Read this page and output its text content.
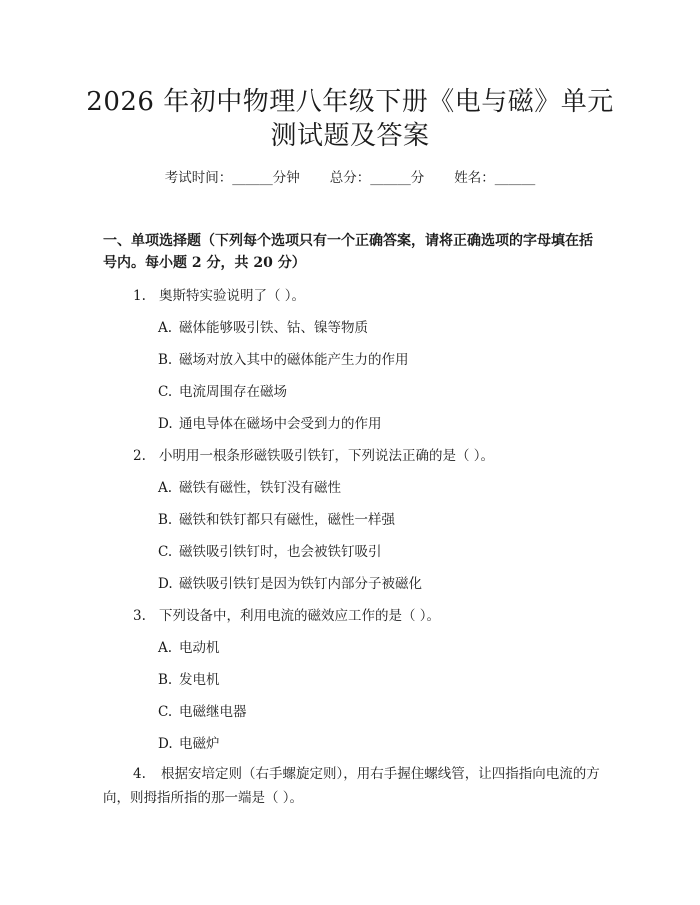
2026 年初中物理八年级下册《电与磁》单元
测试题及答案
考试时间：______分钟 总分：______分 姓名：______
一、单项选择题（下列每个选项只有一个正确答案，请将正确选项的字母填在括
号内。每小题 2 分，共 20 分）
1. 奥斯特实验说明了（ ）。
A. 磁体能够吸引铁、钴、镍等物质
B. 磁场对放入其中的磁体能产生力的作用
C. 电流周围存在磁场
D. 通电导体在磁场中会受到力的作用
2. 小明用一根条形磁铁吸引铁钉，下列说法正确的是（ ）。
A. 磁铁有磁性，铁钉没有磁性
B. 磁铁和铁钉都只有磁性，磁性一样强
C. 磁铁吸引铁钉时，也会被铁钉吸引
D. 磁铁吸引铁钉是因为铁钉内部分子被磁化
3. 下列设备中，利用电流的磁效应工作的是（ ）。
A. 电动机
B. 发电机
C. 电磁继电器
D. 电磁炉
4. 根据安培定则（右手螺旋定则），用右手握住螺线管，让四指指向电流的方向，则拇指所指的那一端是（ ）。
